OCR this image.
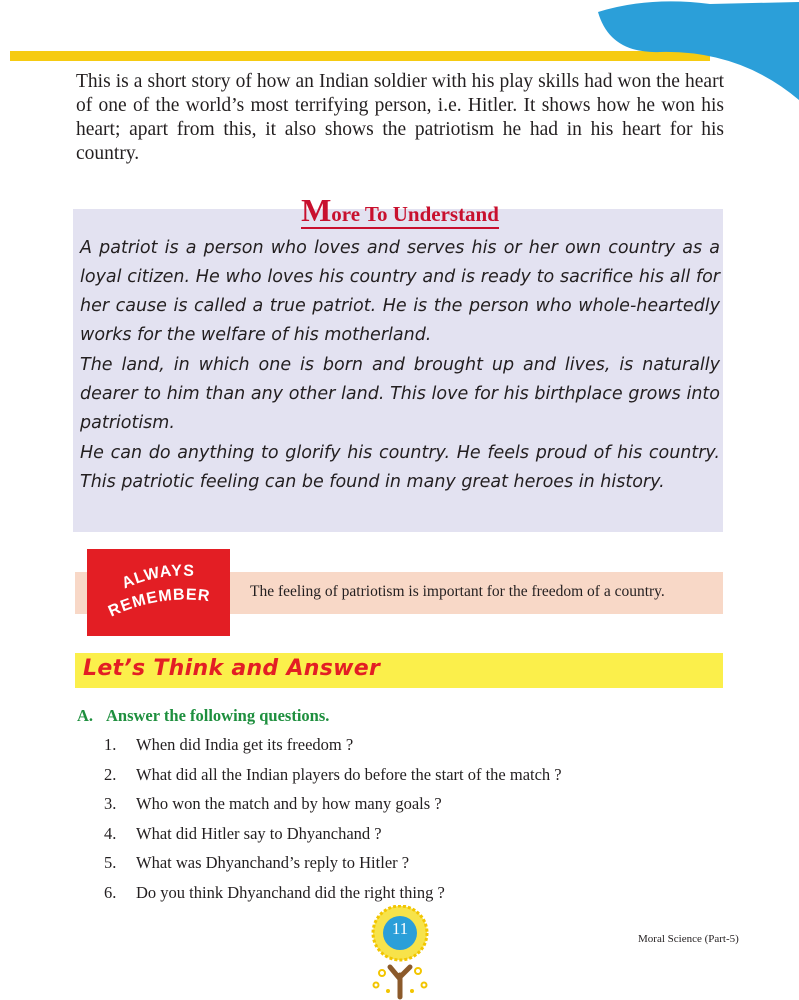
This is a short story of how an Indian soldier with his play skills had won the heart of one of the world’s most terrifying person, i.e. Hitler. It shows how he won his heart; apart from this, it also shows the patriotism he had in his heart for his country.

More To Understand

A patriot is a person who loves and serves his or her own country as a loyal citizen. He who loves his country and is ready to sacrifice his all for her cause is called a true patriot. He is the person who whole-heartedly works for the welfare of his motherland.

The land, in which one is born and brought up and lives, is naturally dearer to him than any other land. This love for his birthplace grows into patriotism.

He can do anything to glorify his country. He feels proud of his country. This patriotic feeling can be found in many great heroes in history.

ALWAYS
REMEMBER The feeling of patriotism is important for the freedom of a country.
Let’s Think and Answer
A. Answer the following questions.
1. When did India get its freedom ?
2. What did all the Indian players do before the start of the match ?
3. Who won the match and by how many goals ?
4. What did Hitler say to Dhyanchand ?
5. What was Dhyanchand’s reply to Hitler ?
6. Do you think Dhyanchand did the right thing ?
11
Moral Science (Part-5)
